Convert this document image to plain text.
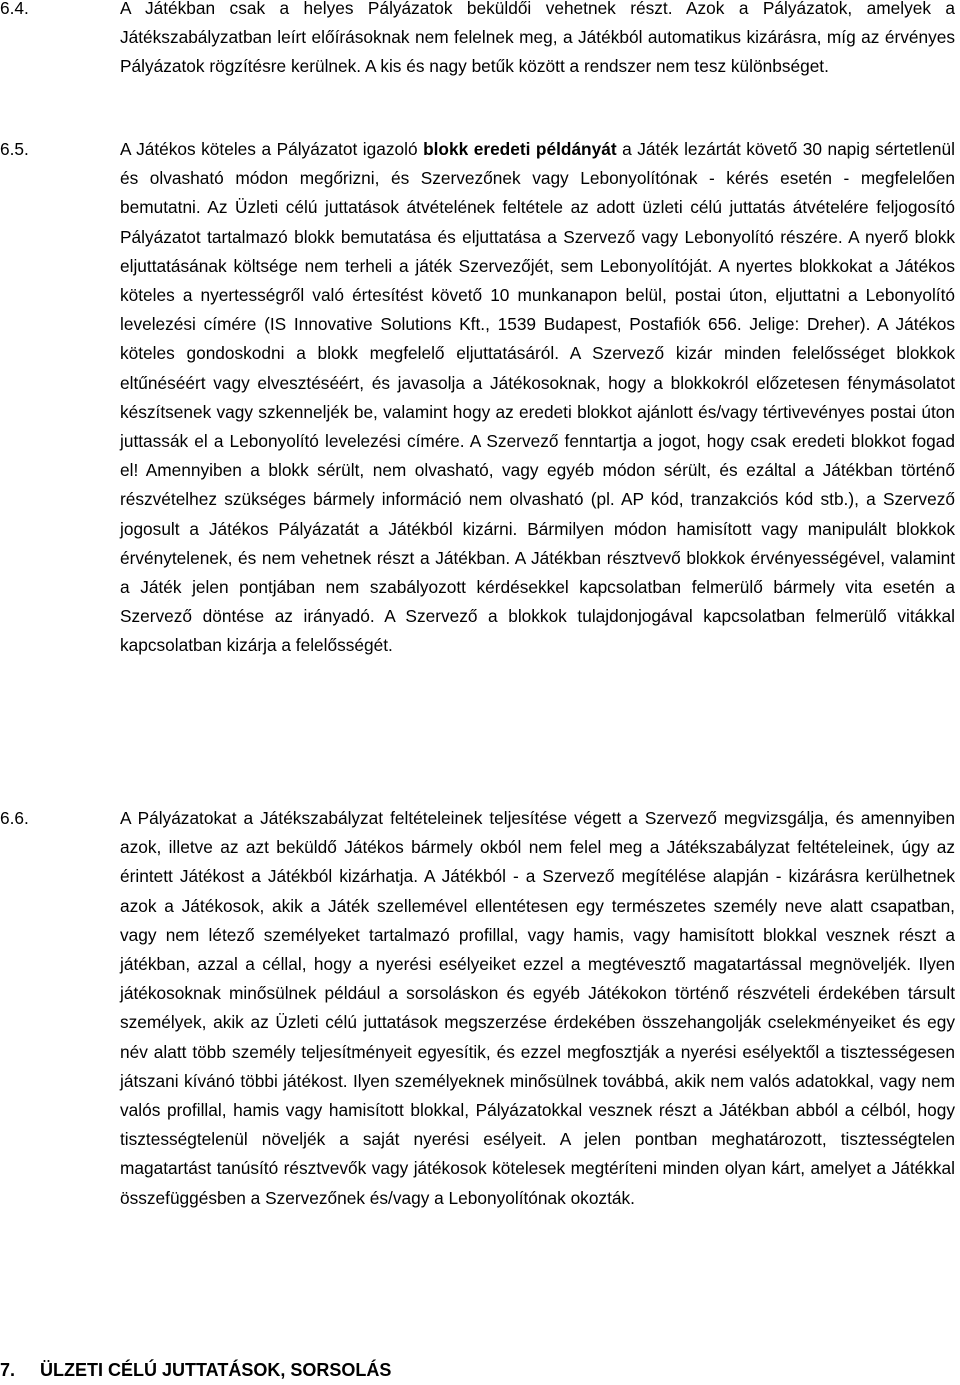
6.4.	A Játékban csak a helyes Pályázatok beküldői vehetnek részt. Azok a Pályázatok, amelyek a Játékszabályzatban leírt előírásoknak nem felelnek meg, a Játékból automatikus kizárásra, míg az érvényes Pályázatok rögzítésre kerülnek. A kis és nagy betűk között a rendszer nem tesz különbséget.
6.5.	A Játékos köteles a Pályázatot igazoló blokk eredeti példányát a Játék lezártát követő 30 napig sértetlenül és olvasható módon megőrizni, és Szervezőnek vagy Lebonyolítónak - kérés esetén - megfelelően bemutatni. Az Üzleti célú juttatások átvételének feltétele az adott üzleti célú juttatás átvételére feljogosító Pályázatot tartalmazó blokk bemutatása és eljuttatása a Szervező vagy Lebonyolító részére. A nyerő blokk eljuttatásának költsége nem terheli a játék Szervezőjét, sem Lebonyolítóját. A nyertes blokkokat a Játékos köteles a nyertességről való értesítést követő 10 munkanapon belül, postai úton, eljuttatni a Lebonyolító levelezési címére (IS Innovative Solutions Kft., 1539 Budapest, Postafiók 656. Jelige: Dreher). A Játékos köteles gondoskodni a blokk megfelelő eljuttatásáról. A Szervező kizár minden felelősséget blokkok eltűnéséért vagy elvesztéséért, és javasolja a Játékosoknak, hogy a blokkokról előzetesen fénymásolatot készítsenek vagy szkenneljék be, valamint hogy az eredeti blokkot ajánlott és/vagy tértivevényes postai úton juttassák el a Lebonyolító levelezési címére. A Szervező fenntartja a jogot, hogy csak eredeti blokkot fogad el! Amennyiben a blokk sérült, nem olvasható, vagy egyéb módon sérült, és ezáltal a Játékban történő részvételhez szükséges bármely információ nem olvasható (pl. AP kód, tranzakciós kód stb.), a Szervező jogosult a Játékos Pályázatát a Játékból kizárni. Bármilyen módon hamisított vagy manipulált blokkok érvénytelenek, és nem vehetnek részt a Játékban. A Játékban résztvevő blokkok érvényességével, valamint a Játék jelen pontjában nem szabályozott kérdésekkel kapcsolatban felmerülő bármely vita esetén a Szervező döntése az irányadó. A Szervező a blokkok tulajdonjogával kapcsolatban felmerülő vitákkal kapcsolatban kizárja a felelősségét.
6.6.	A Pályázatokat a Játékszabályzat feltételeinek teljesítése végett a Szervező megvizsgálja, és amennyiben azok, illetve az azt beküldő Játékos bármely okból nem felel meg a Játékszabályzat feltételeinek, úgy az érintett Játékost a Játékból kizárhatja. A Játékból - a Szervező megítélése alapján - kizárásra kerülhetnek azok a Játékosok, akik a Játék szellemével ellentétesen egy természetes személy neve alatt csapatban, vagy nem létező személyeket tartalmazó profillal, vagy hamis, vagy hamisított blokkal vesznek részt a játékban, azzal a céllal, hogy a nyerési esélyeiket ezzel a megtévesztő magatartással megnöveljék. Ilyen játékosoknak minősülnek például a sorsoláskon és egyéb Játékokon történő részvételi érdekében társult személyek, akik az Üzleti célú juttatások megszerzése érdekében összehangolják cselekményeiket és egy név alatt több személy teljesítményeit egyesítik, és ezzel megfosztják a nyerési esélyektől a tisztességesen játszani kívánó többi játékost. Ilyen személyeknek minősülnek továbbá, akik nem valós adatokkal, vagy nem valós profillal, hamis vagy hamisított blokkal, Pályázatokkal vesznek részt a Játékban abból a célból, hogy tisztességtelenül növeljék a saját nyerési esélyeit. A jelen pontban meghatározott, tisztességtelen magatartást tanúsító résztvevők vagy játékosok kötelesek megtéríteni minden olyan kárt, amelyet a Játékkal összefüggésben a Szervezőnek és/vagy a Lebonyolítónak okozták.
7. ÜLZETI CÉLÚ JUTTATÁSOK, SORSOLÁS
